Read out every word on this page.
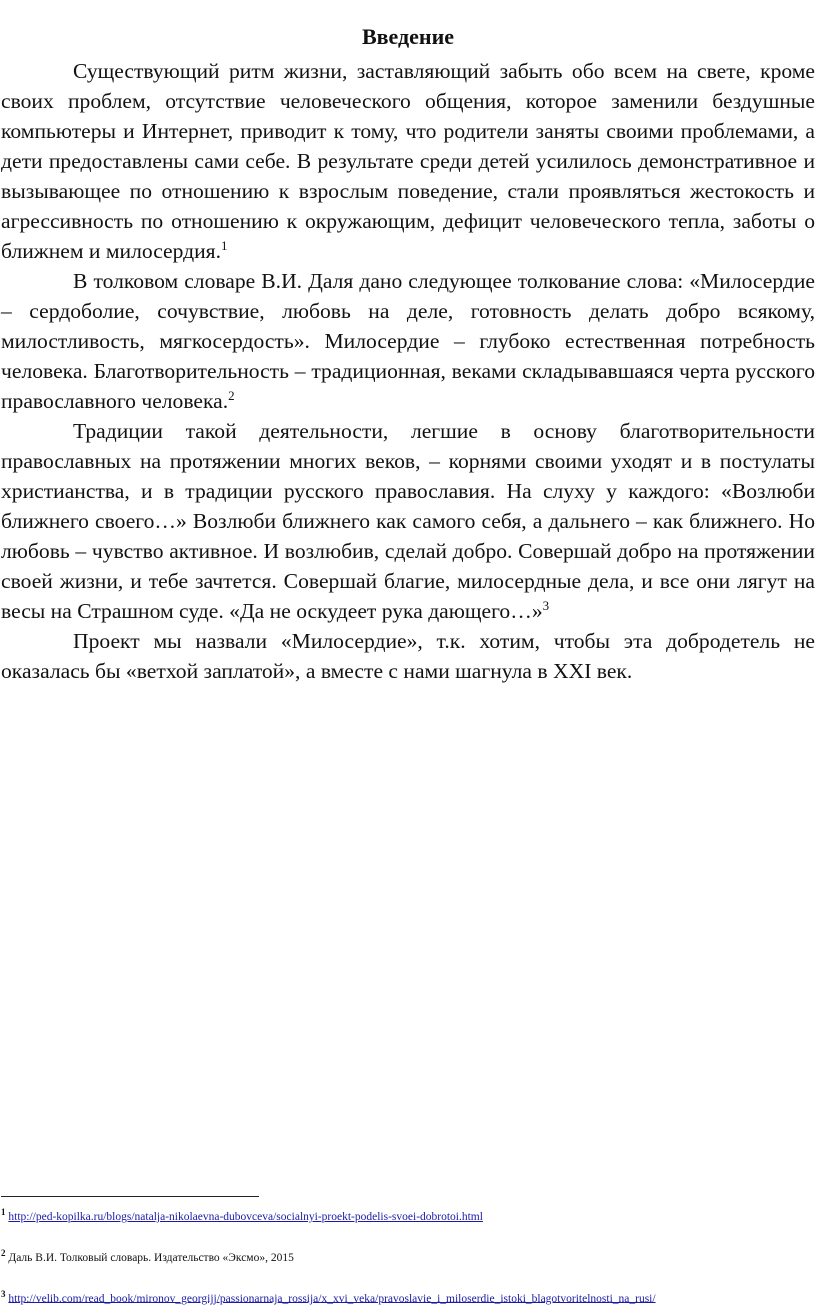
Введение

Существующий ритм жизни, заставляющий забыть обо всем на свете, кроме своих проблем, отсутствие человеческого общения, которое заменили бездушные компьютеры и Интернет, приводит к тому, что родители заняты своими проблемами, а дети предоставлены сами себе. В результате среди детей усилилось демонстративное и вызывающее по отношению к взрослым поведение, стали проявляться жестокость и агрессивность по отношению к окружающим, дефицит человеческого тепла, заботы о ближнем и милосердия.$^1$

В толковом словаре В.И. Даля дано следующее толкование слова: «Милосердие – сердоболие, сочувствие, любовь на деле, готовность делать добро всякому, милостливость, мягкосердость». Милосердие – глубоко естественная потребность человека. Благотворительность – традиционная, веками складывавшаяся черта русского православного человека.$^2$

Традиции такой деятельности, легшие в основу благотворительности православных на протяжении многих веков, – корнями своими уходят и в постулаты христианства, и в традиции русского православия. На слуху у каждого: «Возлюби ближнего своего…» Возлюби ближнего как самого себя, а дальнего – как ближнего. Но любовь – чувство активное. И возлюбив, сделай добро. Совершай добро на протяжении своей жизни, и тебе зачтется. Совершай благие, милосердные дела, и все они лягут на весы на Страшном суде. «Да не оскудеет рука дающего…»$^3$

Проект мы назвали «Милосердие», т.к. хотим, чтобы эта добродетель не оказалась бы «ветхой заплатой», а вместе с нами шагнула в XXI век.

$^1$ http://ped-kopilka.ru/blogs/natalja-nikolaevna-dubovceva/socialnyi-proekt-podelis-svoei-dobrotoi.html

$^2$ Даль В.И. Толковый словарь. Издательство «Эксмо», 2015

$^3$ http://velib.com/read_book/mironov_georgijj/passionarnaja_rossija/x_xvi_veka/pravoslavie_i_miloserdie_istoki_blagotvoritelnosti_na_rusi/
